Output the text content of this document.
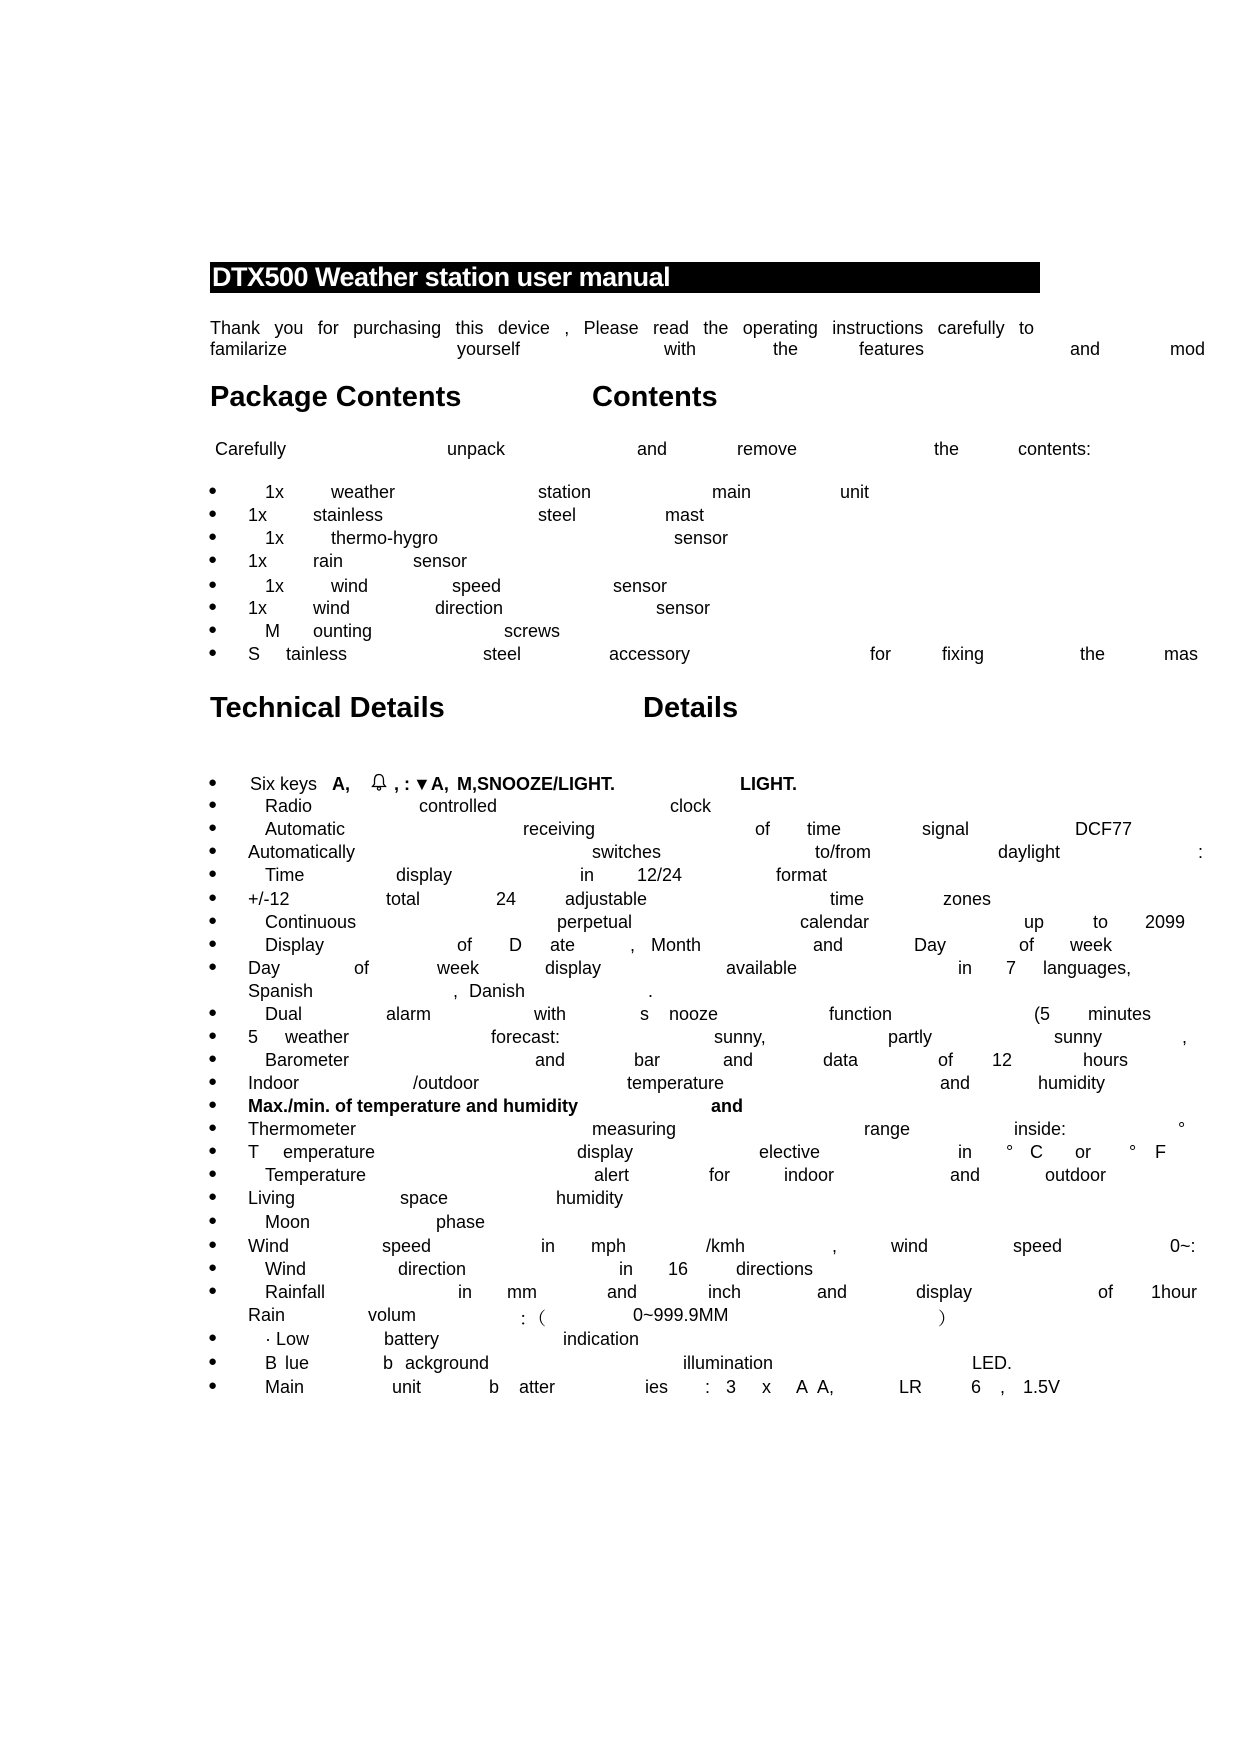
DTX500 Weather station user manual
Thank you for purchasing this device , Please read the operating instructions carefully to
familarize	yourself	with	the	features	and	mod
Package Contents	Contents
Carefully	unpack	and	remove	the	contents:
●	1x	weather	station	main	unit
● 1x	stainless	steel	mast
●	1x	thermo-hygro	sensor
● 1x	rain	sensor
●	1x	wind	speed	sensor
● 1x	wind	direction	sensor
●	M ounting	screws
● S tainless	steel	accessory	for	fixing	the	mas
Technical Details	Details
● Six keys A, , : ▼A, M,SNOOZE/LIGHT.	LIGHT.
●	Radio	controlled	clock
●	Automatic	receiving	of time	signal	DCF77
● Automatically	switches	to/from	daylight	:
●	Time	display	in 12/24	format
● +/-12	total	24	adjustable	time	zones
●	Continuous	perpetual	calendar	up	to 2099
●	Display	of D ate	, Month	and	Day	of week
● Day	of	week	display	available	in 7 languages,
Spanish	, Danish	.
●	Dual	alarm	with	s nooze	function	(5 minutes
● 5 weather	forecast:	sunny,	partly	sunny	,
●	Barometer	and	bar	and	data	of 12	hours
● Indoor	/outdoor	temperature	and	humidity
● Max./min. of temperature and humidity	and
● Thermometer	measuring	range	inside:	°
● T emperature	display	elective	in ° C or ° F
●	Temperature	alert	for	indoor	and	outdoor
● Living	space	humidity
●	Moon	phase
● Wind	speed	in mph	/kmh	,	wind	speed	0~:
●	Wind	direction	in 16	directions
●	Rainfall	in mm	and	inch	and	display	of 1hour
Rain	volum	：（	0~999.9MM	）
●	· Low	battery	indication
●	B lue	b ackground	illumination	LED.
●	Main	unit	b atter	ies : 3 x A A,	LR	6 , 1.5V
